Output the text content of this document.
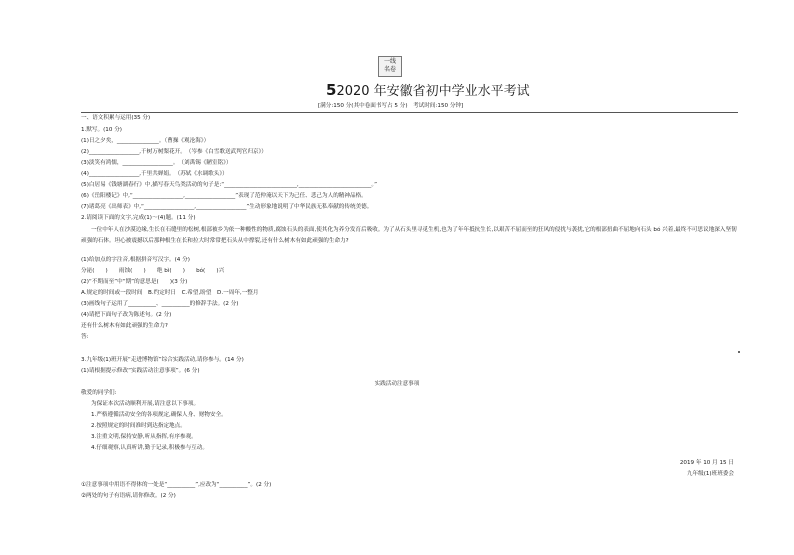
一线
名卷
52020 年安徽省初中学业水平考试
[满分:150 分(其中卷面书写占 5 分)　考试时间:150 分钟]
一、语文积累与运用(35 分)
1.默写。(10 分)
(1)日之夕矣，_______________。（曹操《观沧海》）
(2)__________________,千树万树梨花开。　（岑参《白雪歌送武判官归京》）
(3)淡笑有鸿儒，__________________。　（刘禹锡《陋室铭》）
(4)__________________,千里共婵娟。　（苏轼《水调歌头》）
(5)白居易《钱塘湖春行》中,描写春天鸟类活动的句子是:“__________________________,__________________________。”
(6)《岳阳楼记》中,“__________________,__________________”表现了范仲淹以天下为己任、悲己为人的精神品格。
(7)诸葛亮《出师表》中,“__________________,__________________”生动形象地说明了中华民族无私奉献的传统美德。
2.请阅读下面的文字,完成(1)～(4)题。(11 分)
一位中年人在沙漠边缘,生长在石缝里的松树,根部被乡为依一种酸性的物质,腐蚀石头的表面,使其化为养分发育后吸收。为了从石头里寻觅生机,也为了年年抵抗生长,以艰苦不屈而至的狂风的侵扰与袭扰,它的根部扭曲不屈地向石头 bó 兴着,最终不可思议地深入坚韧顽强的石体。坦心被震撼以后那种根生在长和拉大时常常把石头从中撑裂,还有什么树木有如此顽强的生命力?
(1)给加点的字注音,根据拼音写汉字。(4 分)
分泌(　　)　　雨蚀(　　)　　绝 bì(　　)　　bó(　　)兴
(2)“不期而至”中“期”的意思是(　　)(3 分)
A.规定的时间或一段时间　B.约定时日　C.希望,盼望　D.一周年,一整月
(3)画线句子运用了__________、__________的修辞手法。(2 分)
(4)请把下面句子改为陈述句。(2 分)
还有什么树木有如此顽强的生命力?
答:
3.九年级(1)班开展“走进博物馆”综合实践活动,请你参与。(14 分)
(1)请根据提示修改“实践活动注意事项”。(6 分)
实践活动注意事项
敬爱的同学们:
为保证本次活动顺利开展,请注意以下事项。
1.严格遵循活动安全的各项规定,确保人身、财物安全。
2.按照规定的时间准时到达指定地点。
3.注重文明,保持安静,听从指挥,有序参观。
4.仔细观察,认真听讲,勤于记录,积极参与互动。
2019 年 10 月 15 日
九年级(1)班班委会
①注意事项中用语不得体的一处是“__________”,应改为“__________”。(2 分)
②两处的句子有语病,请你修改。(2 分)
